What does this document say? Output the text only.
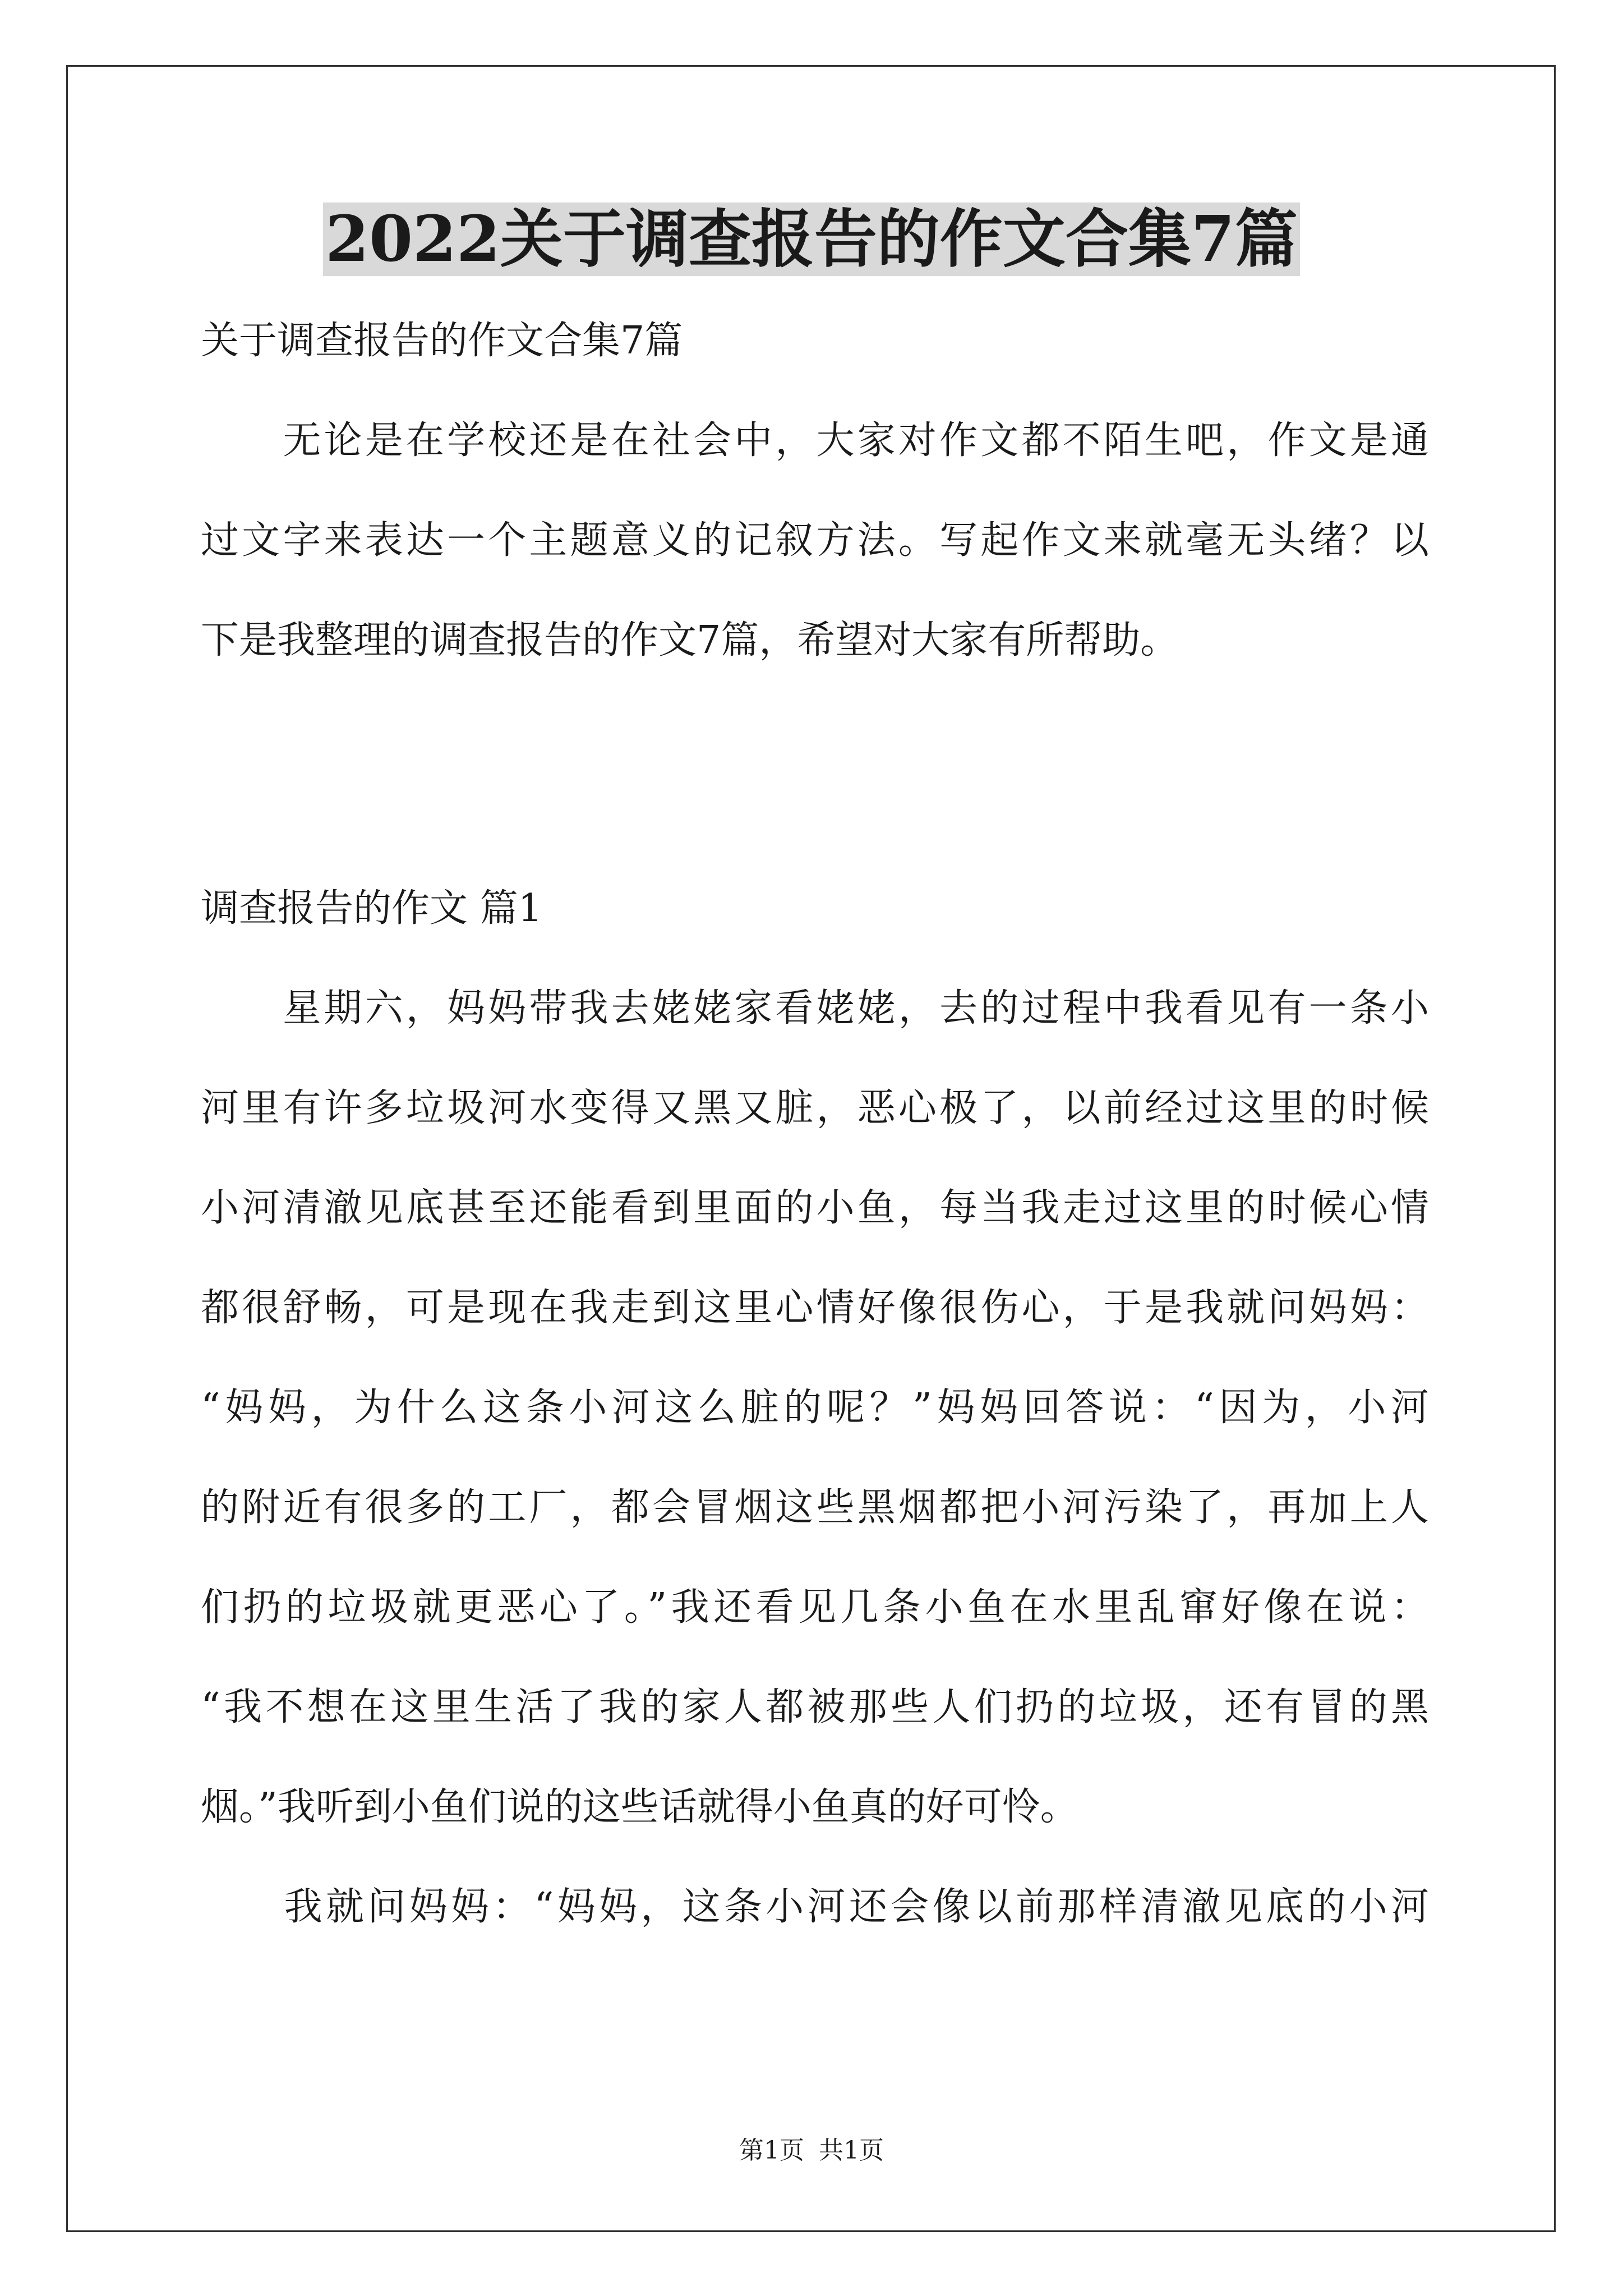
2022关于调查报告的作文合集7篇

关于调查报告的作文合集7篇

　　无论是在学校还是在社会中，大家对作文都不陌生吧，作文是通

过文字来表达一个主题意义的记叙方法。写起作文来就毫无头绪？以

下是我整理的调查报告的作文7篇，希望对大家有所帮助。

调查报告的作文 篇1

　　星期六，妈妈带我去姥姥家看姥姥，去的过程中我看见有一条小

河里有许多垃圾河水变得又黑又脏，恶心极了，以前经过这里的时候

小河清澈见底甚至还能看到里面的小鱼，每当我走过这里的时候心情

都很舒畅，可是现在我走到这里心情好像很伤心，于是我就问妈妈：

“妈妈，为什么这条小河这么脏的呢？”妈妈回答说：“因为，小河

的附近有很多的工厂，都会冒烟这些黑烟都把小河污染了，再加上人

们扔的垃圾就更恶心了。”我还看见几条小鱼在水里乱窜好像在说：

“我不想在这里生活了我的家人都被那些人们扔的垃圾，还有冒的黑

烟。”我听到小鱼们说的这些话就得小鱼真的好可怜。

　　我就问妈妈：“妈妈，这条小河还会像以前那样清澈见底的小河

第1页 共1页
